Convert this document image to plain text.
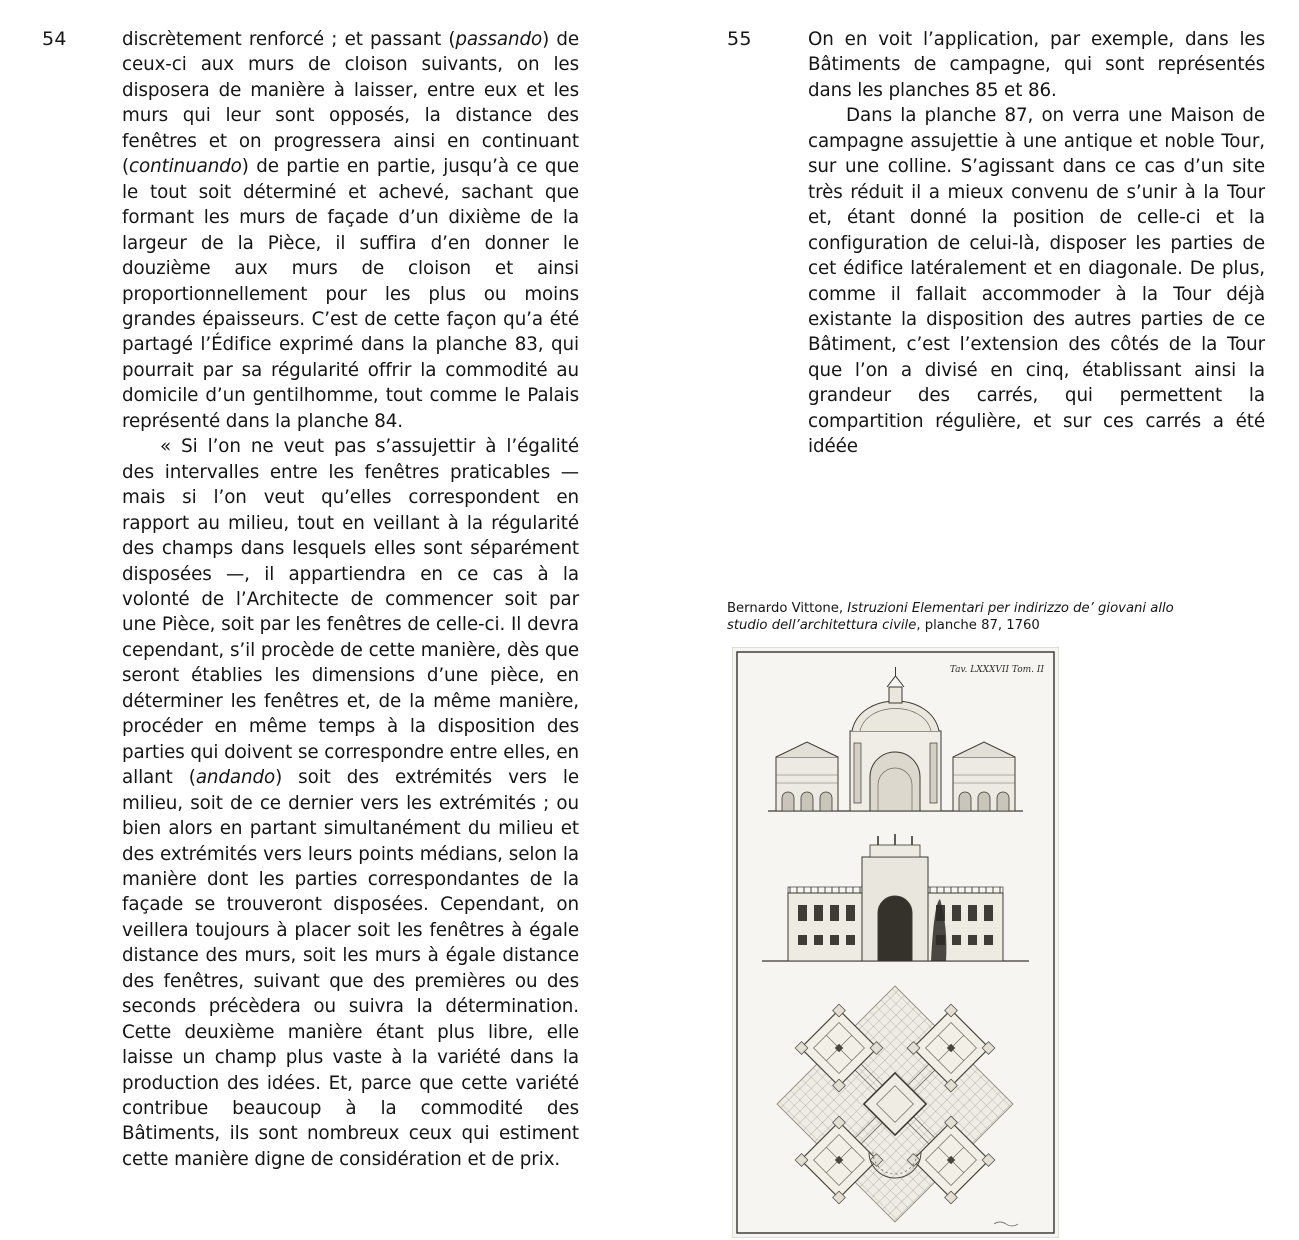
54	discrètement renforcé ; et passant (passando) de ceux-ci aux murs de cloison suivants, on les disposera de manière à laisser, entre eux et les murs qui leur sont opposés, la distance des fenêtres et on progressera ainsi en continuant (continuando) de partie en partie, jusqu’à ce que le tout soit déterminé et achevé, sachant que formant les murs de façade d’un dixième de la largeur de la Pièce, il suffira d’en donner le douzième aux murs de cloison et ainsi proportionnellement pour les plus ou moins grandes épaisseurs. C’est de cette façon qu’a été partagé l’Édifice exprimé dans la planche 83, qui pourrait par sa régularité offrir la commodité au domicile d’un gentilhomme, tout comme le Palais représenté dans la planche 84.

« Si l’on ne veut pas s’assujettir à l’égalité des intervalles entre les fenêtres praticables — mais si l’on veut qu’elles correspondent en rapport au milieu, tout en veillant à la régularité des champs dans lesquels elles sont séparément disposées —, il appartiendra en ce cas à la volonté de l’Architecte de commencer soit par une Pièce, soit par les fenêtres de celle-ci. Il devra cependant, s’il procède de cette manière, dès que seront établies les dimensions d’une pièce, en déterminer les fenêtres et, de la même manière, procéder en même temps à la disposition des parties qui doivent se correspondre entre elles, en allant (andando) soit des extrémités vers le milieu, soit de ce dernier vers les extrémités ; ou bien alors en partant simultanément du milieu et des extrémités vers leurs points médians, selon la manière dont les parties correspondantes de la façade se trouveront disposées. Cependant, on veillera toujours à placer soit les fenêtres à égale distance des murs, soit les murs à égale distance des fenêtres, suivant que des premières ou des seconds précèdera ou suivra la détermination. Cette deuxième manière étant plus libre, elle laisse un champ plus vaste à la variété dans la production des idées. Et, parce que cette variété contribue beaucoup à la commodité des Bâtiments, ils sont nombreux ceux qui estiment cette manière digne de considération et de prix.

55	On en voit l’application, par exemple, dans les Bâtiments de campagne, qui sont représentés dans les planches 85 et 86.

Dans la planche 87, on verra une Maison de campagne assujettie à une antique et noble Tour, sur une colline. S’agissant dans ce cas d’un site très réduit il a mieux convenu de s’unir à la Tour et, étant donné la position de celle-ci et la configuration de celui-là, disposer les parties de cet édifice latéralement et en diagonale. De plus, comme il fallait accommoder à la Tour déjà existante la disposition des autres parties de ce Bâtiment, c’est l’extension des côtés de la Tour que l’on a divisé en cinq, établissant ainsi la grandeur des carrés, qui permettent la compartition régulière, et sur ces carrés a été idéée

Bernardo Vittone, Istruzioni Elementari per indirizzo de’ giovani allo studio dell’architettura civile, planche 87, 1760
Tav. LXXXVII Tom. II
